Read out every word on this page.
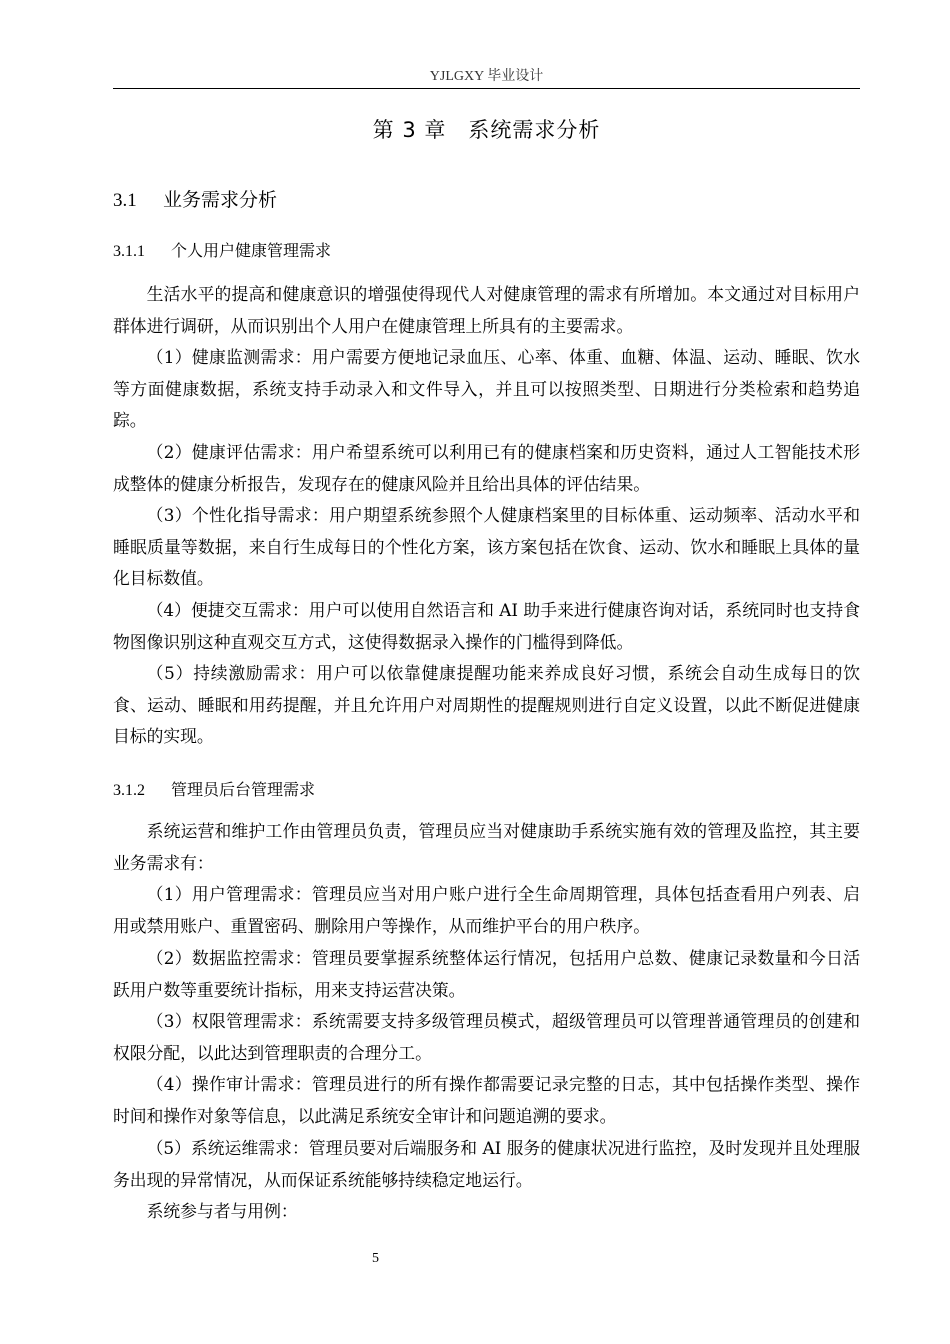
YJLGXY 毕业设计
第 3 章　系统需求分析
3.1 业务需求分析
3.1.1 个人用户健康管理需求

生活水平的提高和健康意识的增强使得现代人对健康管理的需求有所增加。本文通过对目标用户群体进行调研，从而识别出个人用户在健康管理上所具有的主要需求。

（1）健康监测需求：用户需要方便地记录血压、心率、体重、血糖、体温、运动、睡眠、饮水等方面健康数据，系统支持手动录入和文件导入，并且可以按照类型、日期进行分类检索和趋势追踪。

（2）健康评估需求：用户希望系统可以利用已有的健康档案和历史资料，通过人工智能技术形成整体的健康分析报告，发现存在的健康风险并且给出具体的评估结果。

（3）个性化指导需求：用户期望系统参照个人健康档案里的目标体重、运动频率、活动水平和睡眠质量等数据，来自行生成每日的个性化方案，该方案包括在饮食、运动、饮水和睡眠上具体的量化目标数值。

（4）便捷交互需求：用户可以使用自然语言和 AI 助手来进行健康咨询对话，系统同时也支持食物图像识别这种直观交互方式，这使得数据录入操作的门槛得到降低。

（5）持续激励需求：用户可以依靠健康提醒功能来养成良好习惯，系统会自动生成每日的饮食、运动、睡眠和用药提醒，并且允许用户对周期性的提醒规则进行自定义设置，以此不断促进健康目标的实现。

3.1.2 管理员后台管理需求

系统运营和维护工作由管理员负责，管理员应当对健康助手系统实施有效的管理及监控，其主要业务需求有：

（1）用户管理需求：管理员应当对用户账户进行全生命周期管理，具体包括查看用户列表、启用或禁用账户、重置密码、删除用户等操作，从而维护平台的用户秩序。

（2）数据监控需求：管理员要掌握系统整体运行情况，包括用户总数、健康记录数量和今日活跃用户数等重要统计指标，用来支持运营决策。

（3）权限管理需求：系统需要支持多级管理员模式，超级管理员可以管理普通管理员的创建和权限分配，以此达到管理职责的合理分工。

（4）操作审计需求：管理员进行的所有操作都需要记录完整的日志，其中包括操作类型、操作时间和操作对象等信息，以此满足系统安全审计和问题追溯的要求。

（5）系统运维需求：管理员要对后端服务和 AI 服务的健康状况进行监控，及时发现并且处理服务出现的异常情况，从而保证系统能够持续稳定地运行。

系统参与者与用例：

5
